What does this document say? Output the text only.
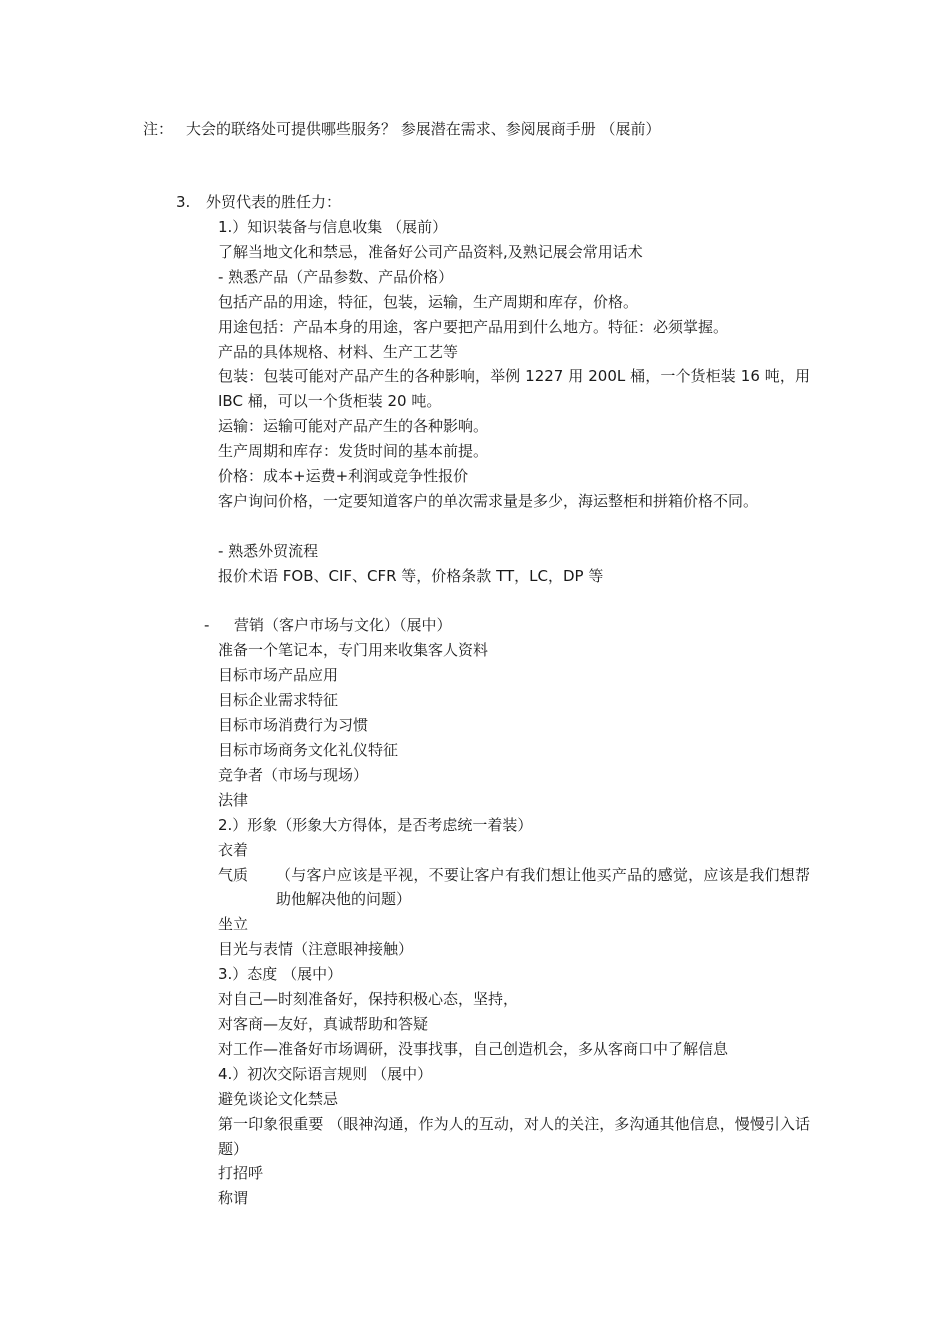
注： 大会的联络处可提供哪些服务？ 参展潜在需求、参阅展商手册 （展前）
3. 外贸代表的胜任力：
1.）知识装备与信息收集 （展前）
了解当地文化和禁忌，准备好公司产品资料,及熟记展会常用话术
- 熟悉产品（产品参数、产品价格）
包括产品的用途，特征，包装，运输，生产周期和库存，价格。
用途包括：产品本身的用途，客户要把产品用到什么地方。特征：必须掌握。
产品的具体规格、材料、生产工艺等
包装：包装可能对产品产生的各种影响，举例 1227 用 200L 桶，一个货柜装 16 吨，用 IBC 桶，可以一个货柜装 20 吨。
运输：运输可能对产品产生的各种影响。
生产周期和库存：发货时间的基本前提。
价格：成本+运费+利润或竞争性报价
客户询问价格，一定要知道客户的单次需求量是多少，海运整柜和拼箱价格不同。
- 熟悉外贸流程
报价术语 FOB、CIF、CFR 等，价格条款 TT，LC，DP 等
- 营销（客户市场与文化）（展中）
准备一个笔记本，专门用来收集客人资料
目标市场产品应用
目标企业需求特征
目标市场消费行为习惯
目标市场商务文化礼仪特征
竞争者（市场与现场）
法律
2.）形象（形象大方得体，是否考虑统一着装）
衣着
气质	（与客户应该是平视，不要让客户有我们想让他买产品的感觉，应该是我们想帮助他解决他的问题）
坐立
目光与表情（注意眼神接触）
3.）态度 （展中）
对自己—时刻准备好，保持积极心态，坚持，
对客商—友好，真诚帮助和答疑
对工作—准备好市场调研，没事找事，自己创造机会，多从客商口中了解信息
4.）初次交际语言规则 （展中）
避免谈论文化禁忌
第一印象很重要 （眼神沟通，作为人的互动，对人的关注，多沟通其他信息，慢慢引入话题）
打招呼
称谓
